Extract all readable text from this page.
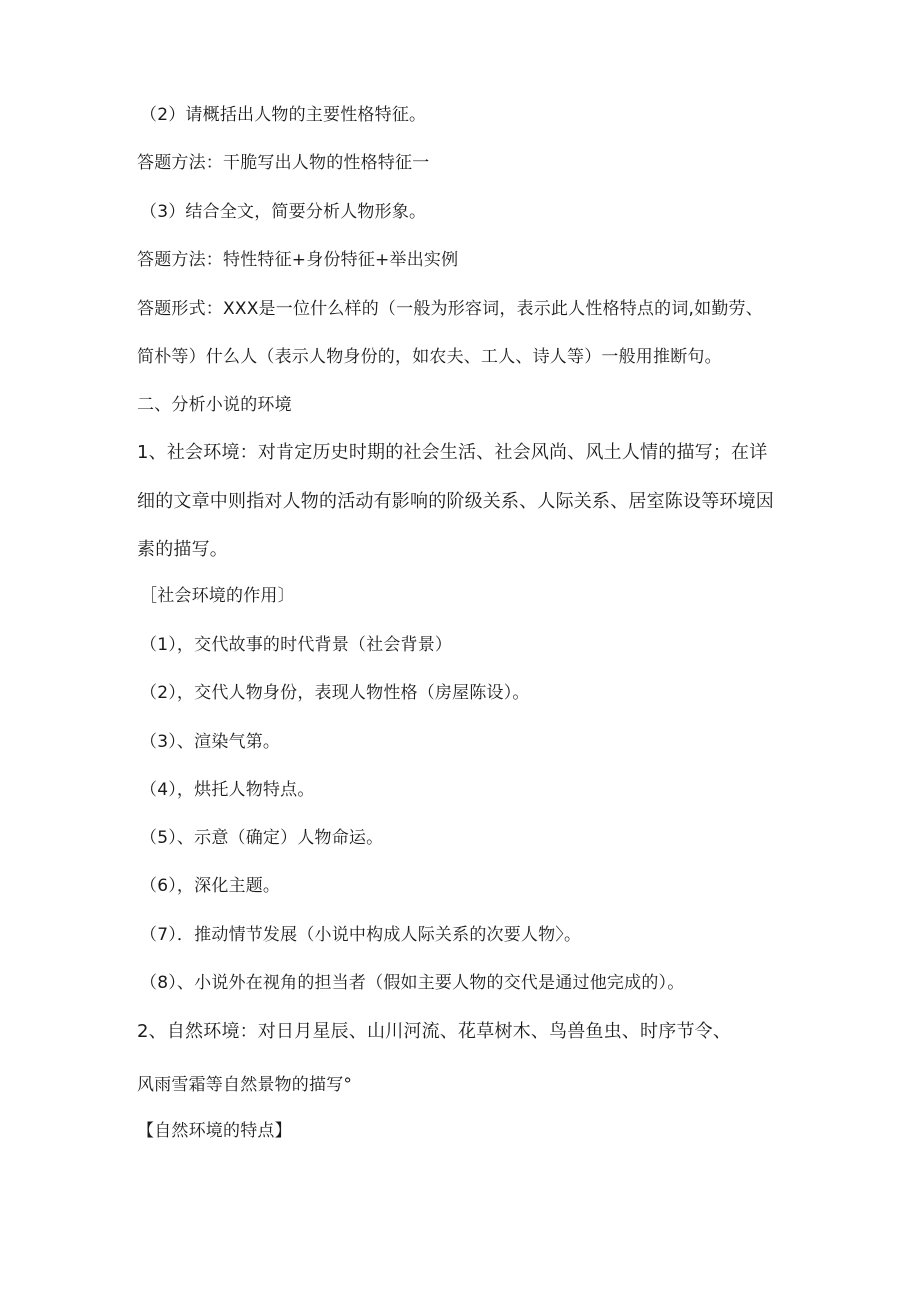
（2）请概括出人物的主要性格特征。
答题方法：干脆写出人物的性格特征一
（3）结合全文，简要分析人物形象。
答题方法：特性特征+身份特征+举出实例
答题形式：XXX是一位什么样的（一般为形容词，表示此人性格特点的词,如勤劳、
简朴等）什么人（表示人物身份的，如农夫、工人、诗人等）一般用推断句。
二、分析小说的环境
1、社会环境：对肯定历史时期的社会生活、社会风尚、风土人情的描写；在详
细的文章中则指对人物的活动有影响的阶级关系、人际关系、居室陈设等环境因
素的描写。
［社会环境的作用〕
（1），交代故事的时代背景（社会背景）
（2），交代人物身份，表现人物性格（房屋陈设）。
（3）、渲染气第。
（4），烘托人物特点。
（5）、示意（确定）人物命运。
（6），深化主题。
（7）．推动情节发展（小说中构成人际关系的次要人物〉。
（8）、小说外在视角的担当者（假如主要人物的交代是通过他完成的）。
2、自然环境：对日月星辰、山川河流、花草树木、鸟兽鱼虫、时序节令、
风雨雪霜等自然景物的描写°
【自然环境的特点】
